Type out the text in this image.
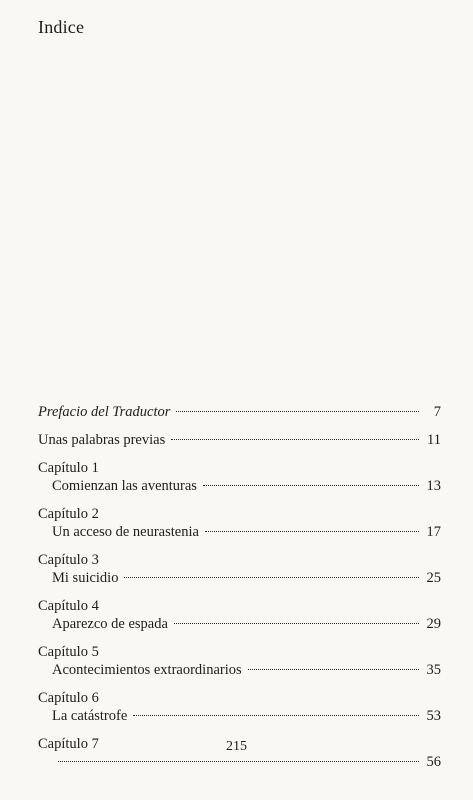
Indice
Prefacio del Traductor	7
Unas palabras previas	11
Capítulo 1
Comienzan las aventuras	13
Capítulo 2
Un acceso de neurastenia	17
Capítulo 3
Mi suicidio	25
Capítulo 4
Aparezco de espada	29
Capítulo 5
Acontecimientos extraordinarios	35
Capítulo 6
La catástrofe	53
Capítulo 7
56
215
